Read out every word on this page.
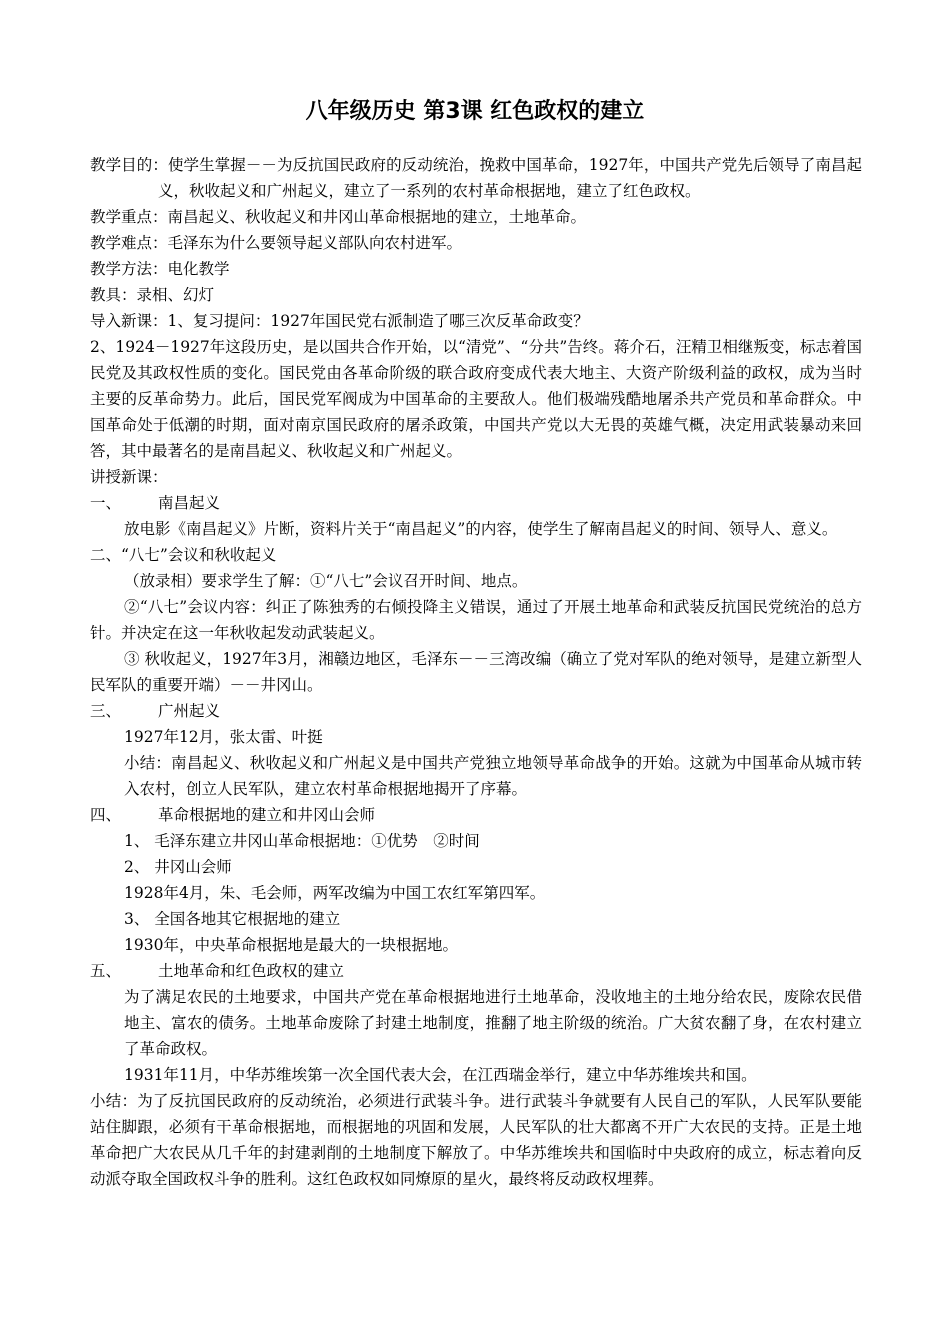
八年级历史 第3课 红色政权的建立

教学目的：使学生掌握－－为反抗国民政府的反动统治，挽救中国革命，1927年，中国共产党先后领导了南昌起义，秋收起义和广州起义，建立了一系列的农村革命根据地，建立了红色政权。

教学重点：南昌起义、秋收起义和井冈山革命根据地的建立，土地革命。

教学难点：毛泽东为什么要领导起义部队向农村进军。

教学方法：电化教学

教具：录相、幻灯

导入新课：1、复习提问：1927年国民党右派制造了哪三次反革命政变？

2、1924－1927年这段历史，是以国共合作开始，以“清党”、“分共”告终。蒋介石，汪精卫相继叛变，标志着国民党及其政权性质的变化。国民党由各革命阶级的联合政府变成代表大地主、大资产阶级利益的政权，成为当时主要的反革命势力。此后，国民党军阀成为中国革命的主要敌人。他们极端残酷地屠杀共产党员和革命群众。中国革命处于低潮的时期，面对南京国民政府的屠杀政策，中国共产党以大无畏的英雄气概，决定用武装暴动来回答，其中最著名的是南昌起义、秋收起义和广州起义。

讲授新课：

一、 南昌起义

放电影《南昌起义》片断，资料片关于“南昌起义”的内容，使学生了解南昌起义的时间、领导人、意义。

二、“八七”会议和秋收起义

（放录相）要求学生了解：①“八七”会议召开时间、地点。

②“八七”会议内容：纠正了陈独秀的右倾投降主义错误，通过了开展土地革命和武装反抗国民党统治的总方针。并决定在这一年秋收起发动武装起义。

③ 秋收起义，1927年3月，湘赣边地区，毛泽东－－三湾改编（确立了党对军队的绝对领导，是建立新型人民军队的重要开端）－－井冈山。

三、 广州起义

1927年12月，张太雷、叶挺

小结：南昌起义、秋收起义和广州起义是中国共产党独立地领导革命战争的开始。这就为中国革命从城市转入农村，创立人民军队，建立农村革命根据地揭开了序幕。

四、 革命根据地的建立和井冈山会师

1、 毛泽东建立井冈山革命根据地：①优势　②时间

2、 井冈山会师

1928年4月，朱、毛会师，两军改编为中国工农红军第四军。

3、 全国各地其它根据地的建立

1930年，中央革命根据地是最大的一块根据地。

五、 土地革命和红色政权的建立

为了满足农民的土地要求，中国共产党在革命根据地进行土地革命，没收地主的土地分给农民，废除农民借地主、富农的债务。土地革命废除了封建土地制度，推翻了地主阶级的统治。广大贫农翻了身，在农村建立了革命政权。

1931年11月，中华苏维埃第一次全国代表大会，在江西瑞金举行，建立中华苏维埃共和国。

小结：为了反抗国民政府的反动统治，必须进行武装斗争。进行武装斗争就要有人民自己的军队，人民军队要能站住脚跟，必须有干革命根据地，而根据地的巩固和发展，人民军队的壮大都离不开广大农民的支持。正是土地革命把广大农民从几千年的封建剥削的土地制度下解放了。中华苏维埃共和国临时中央政府的成立，标志着向反动派夺取全国政权斗争的胜利。这红色政权如同燎原的星火，最终将反动政权埋葬。
